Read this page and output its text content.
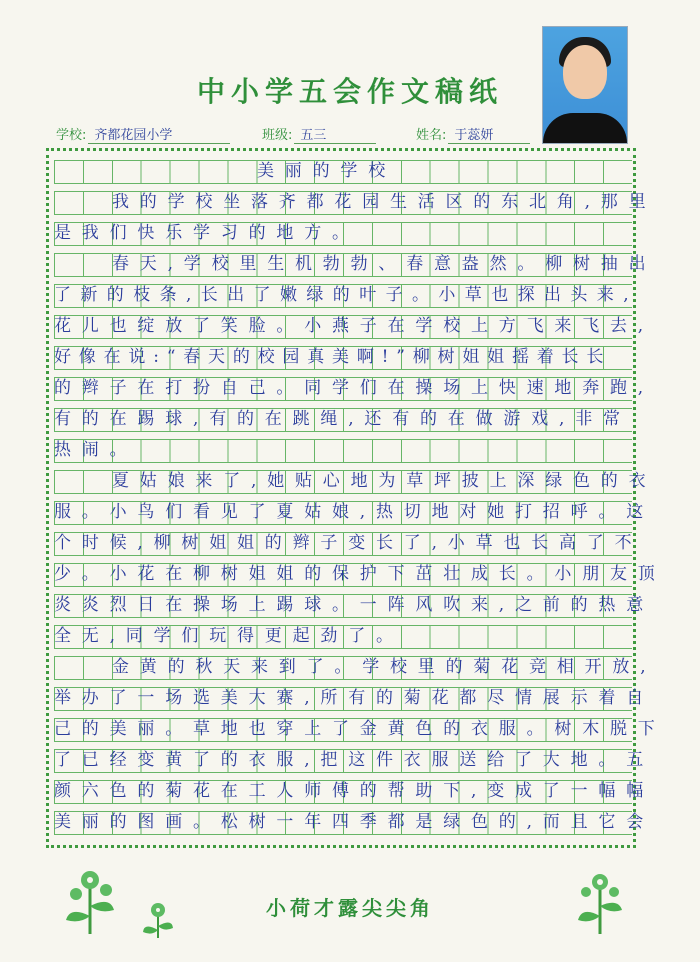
中小学五会作文稿纸
学校: 齐都花园小学	班级: 五三	姓名: 于蕊妍
美丽的学校
我的学校坐落齐都花园生活区的东北角,那里
是我们快乐学习的地方。
春天,学校里生机勃勃、春意盎然。柳树抽出
了新的枝条,长出了嫩绿的叶子。小草也探出头来,
花儿也绽放了笑脸。小燕子在学校上方飞来飞去,
好像在说:“春天的校园真美啊!”柳树姐姐摇着长长
的辫子在打扮自己。同学们在操场上快速地奔跑,
有的在踢球,有的在跳绳,还有的在做游戏,非常
热闹。
夏姑娘来了,她贴心地为草坪披上深绿色的衣
服。小鸟们看见了夏姑娘,热切地对她打招呼。这
个时候,柳树姐姐的辫子变长了,小草也长高了不
少。小花在柳树姐姐的保护下茁壮成长。小朋友顶
炎炎烈日在操场上踢球。一阵风吹来,之前的热意
全无,同学们玩得更起劲了。
金黄的秋天来到了。学校里的菊花竞相开放,
举办了一场选美大赛,所有的菊花都尽情展示着自
己的美丽。草地也穿上了金黄色的衣服。树木脱下
了已经变黄了的衣服,把这件衣服送给了大地。五
颜六色的菊花在工人师傅的帮助下,变成了一幅幅
美丽的图画。松树一年四季都是绿色的,而且它会
小荷才露尖尖角
